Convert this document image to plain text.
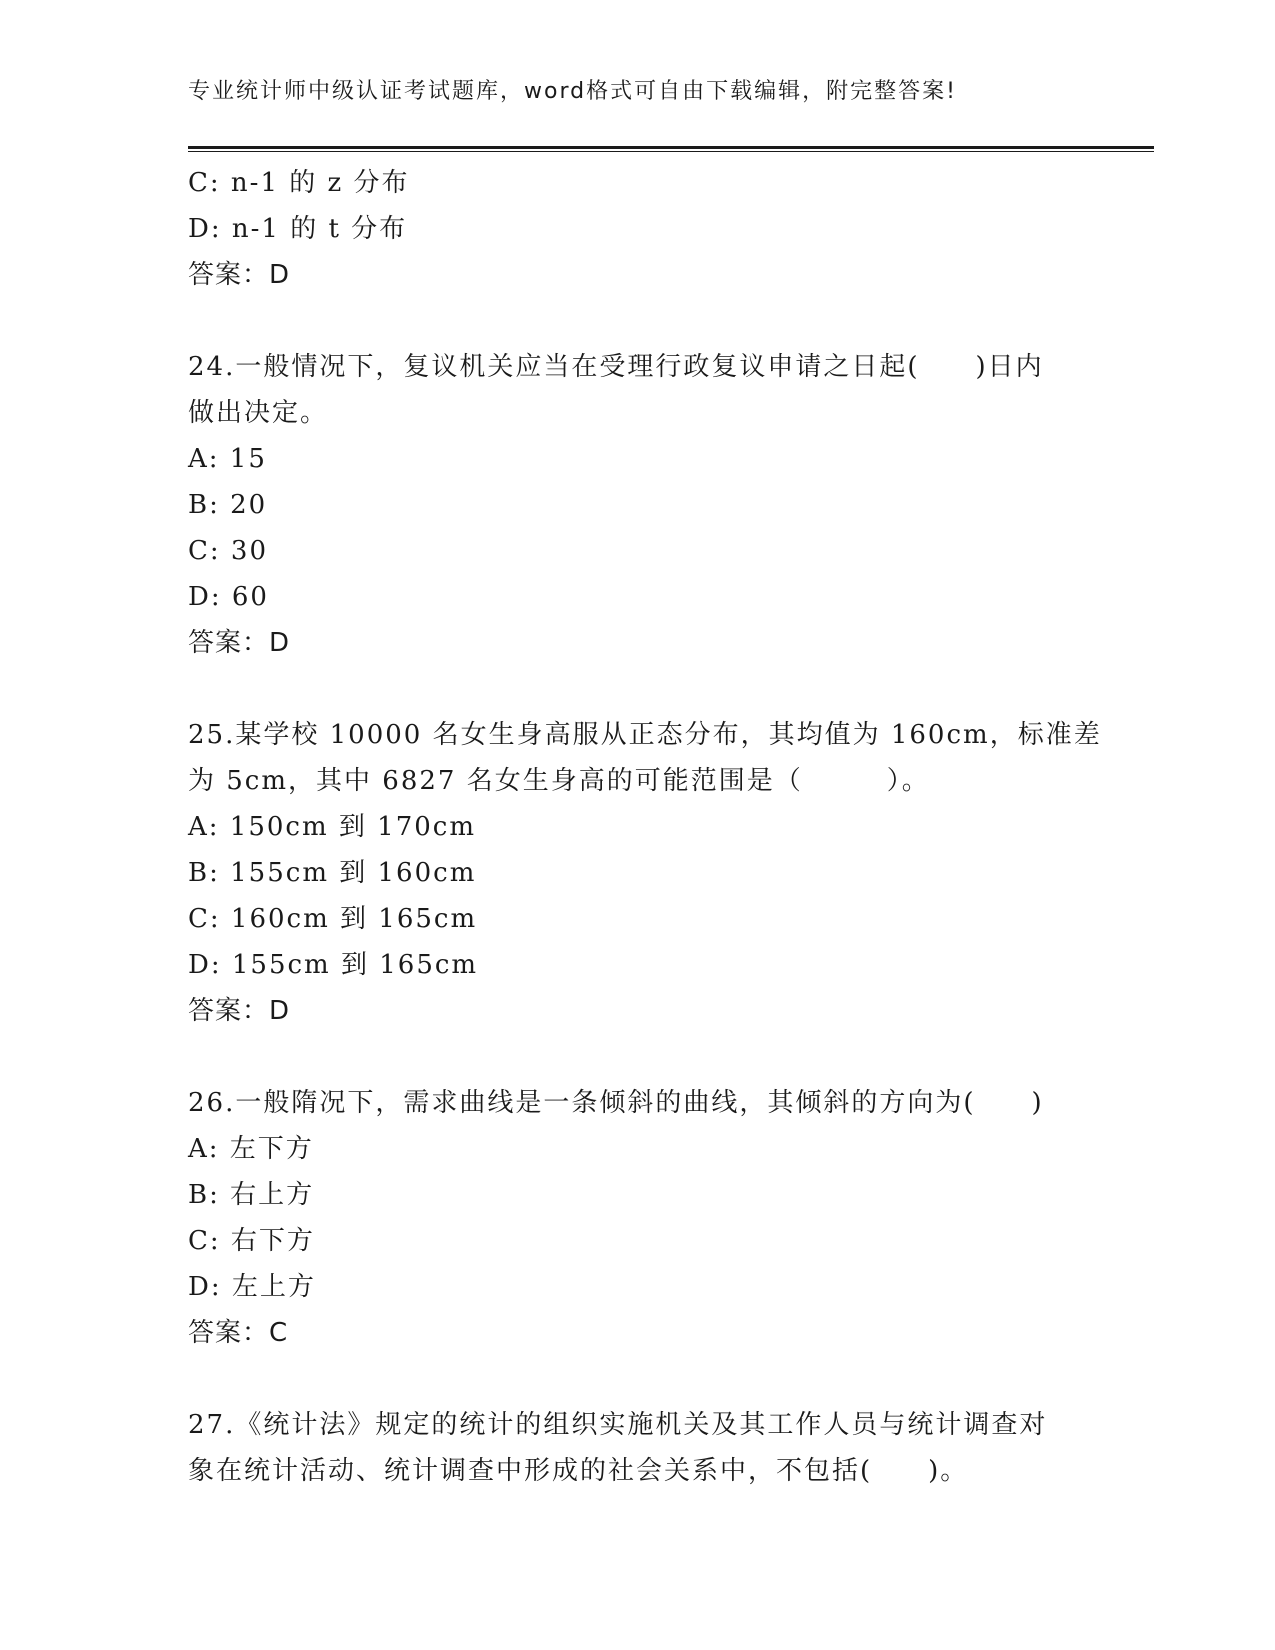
专业统计师中级认证考试题库，word格式可自由下载编辑，附完整答案!
C: n-1 的 z 分布
D: n-1 的 t 分布
答案：D
24.一般情况下，复议机关应当在受理行政复议申请之日起(　　)日内
做出决定。
A: 15
B: 20
C: 30
D: 60
答案：D
25.某学校 10000 名女生身高服从正态分布，其均值为 160cm，标准差
为 5cm，其中 6827 名女生身高的可能范围是（　　　）。
A: 150cm 到 170cm
B: 155cm 到 160cm
C: 160cm 到 165cm
D: 155cm 到 165cm
答案：D
26.一般隋况下，需求曲线是一条倾斜的曲线，其倾斜的方向为(　　)
A: 左下方
B: 右上方
C: 右下方
D: 左上方
答案：C
27.《统计法》规定的统计的组织实施机关及其工作人员与统计调查对
象在统计活动、统计调查中形成的社会关系中，不包括(　　)。
